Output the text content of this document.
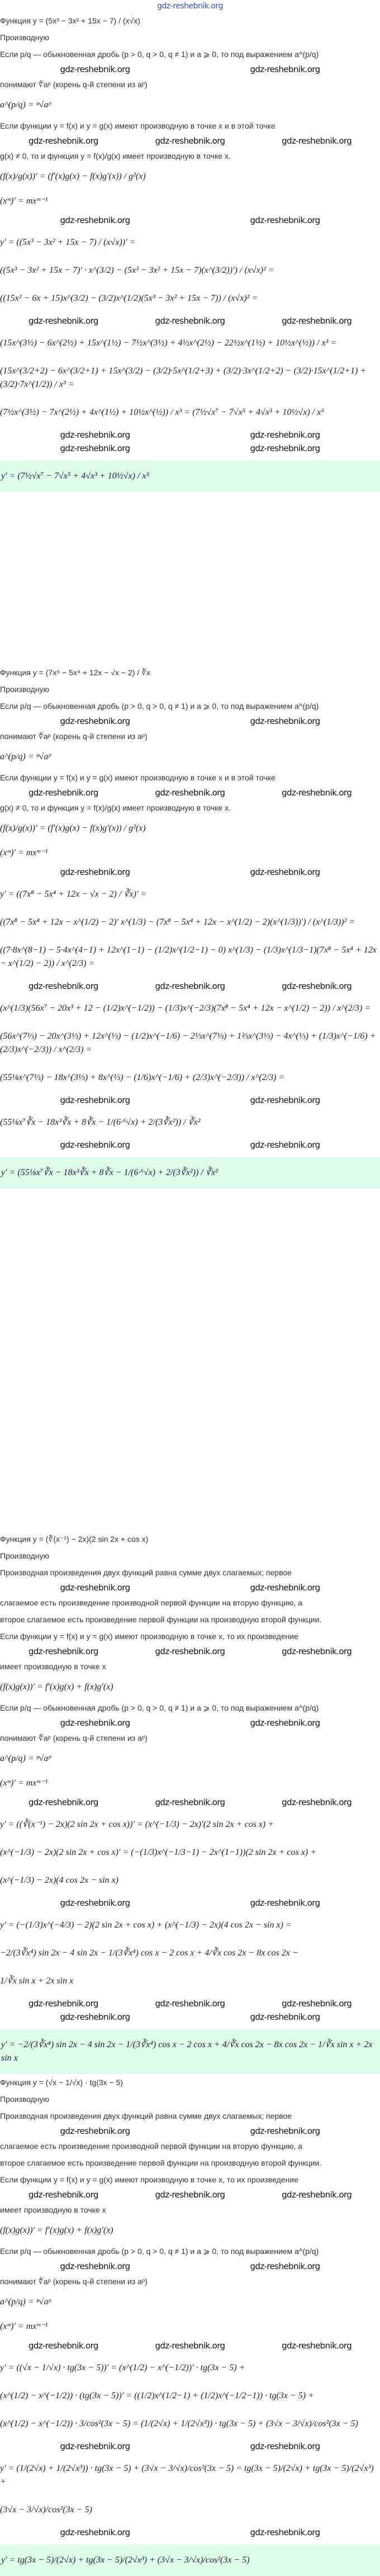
gdz-reshebnik.org
Функция y = (5x³ − 3x² + 15x − 7) / (x√x)
Производную
Если p/q — обыкновенная дробь (p > 0, q > 0, q ≠ 1) и a ⩾ 0, то под выражением a^(p/q)
gdz-reshebnik.org	gdz-reshebnik.org
понимают ∜aᵖ (корень q-й степени из aᵖ)
a^(p/q) = ᵠ√aᵖ
Если функции y = f(x) и y = g(x) имеют производную в точке x и в этой точке
gdz-reshebnik.org	gdz-reshebnik.org	gdz-reshebnik.org
g(x) ≠ 0, то и функция y = f(x)/g(x) имеет производную в точке x.
(f(x)/g(x))′ = (f′(x)g(x) − f(x)g′(x)) / g²(x)
(xᵐ)′ = mxᵐ⁻¹
gdz-reshebnik.org	gdz-reshebnik.org
y′ = ((5x³ − 3x² + 15x − 7) / (x√x))′ =
((5x³ − 3x² + 15x − 7)′ · x^(3/2) − (5x³ − 3x² + 15x − 7)(x^(3/2))′) / (x√x)² =
((15x² − 6x + 15)x^(3/2) − (3/2)x^(1/2)(5x³ − 3x² + 15x − 7)) / (x√x)² =
gdz-reshebnik.org	gdz-reshebnik.org	gdz-reshebnik.org
(15x^(3½) − 6x^(2½) + 15x^(1½) − 7½x^(3½) + 4½x^(2½) − 22½x^(1½) + 10½x^(½)) / x³ =
(15x^(3/2+2) − 6x^(3/2+1) + 15x^(3/2) − (3/2)·5x^(1/2+3) + (3/2)·3x^(1/2+2) − (3/2)·15x^(1/2+1) + (3/2)·7x^(1/2)) / x³ =
(7½x^(3½) − 7x^(2½) + 4x^(1½) + 10½x^(½)) / x³ = (7½√x⁷ − 7√x⁵ + 4√x³ + 10½√x) / x³
gdz-reshebnik.org	gdz-reshebnik.org
gdz-reshebnik.org	gdz-reshebnik.org
y′ = (7½√x⁷ − 7√x⁵ + 4√x³ + 10½√x) / x³
Функция y = (7x⁸ − 5x⁴ + 12x − √x − 2) / ∛x
Производную
Если p/q — обыкновенная дробь (p > 0, q > 0, q ≠ 1) и a ⩾ 0, то под выражением a^(p/q)
gdz-reshebnik.org	gdz-reshebnik.org
понимают ∜aᵖ (корень q-й степени из aᵖ)
a^(p/q) = ᵠ√aᵖ
Если функции y = f(x) и y = g(x) имеют производную в точке x и в этой точке
gdz-reshebnik.org	gdz-reshebnik.org	gdz-reshebnik.org
g(x) ≠ 0, то и функция y = f(x)/g(x) имеет производную в точке x.
(f(x)/g(x))′ = (f′(x)g(x) − f(x)g′(x)) / g²(x)
(xᵐ)′ = mxᵐ⁻¹
gdz-reshebnik.org	gdz-reshebnik.org
y′ = ((7x⁸ − 5x⁴ + 12x − √x − 2) / ∛x)′ =
((7x⁸ − 5x⁴ + 12x − x^(1/2) − 2)′ x^(1/3) − (7x⁸ − 5x⁴ + 12x − x^(1/2) − 2)(x^(1/3))′) / (x^(1/3))² =
((7·8x^(8−1) − 5·4x^(4−1) + 12x^(1−1) − (1/2)x^(1/2−1) − 0) x^(1/3) − (1/3)x^(1/3−1)(7x⁸ − 5x⁴ + 12x − x^(1/2) − 2)) / x^(2/3) =
gdz-reshebnik.org	gdz-reshebnik.org	gdz-reshebnik.org
(x^(1/3)(56x⁷ − 20x³ + 12 − (1/2)x^(−1/2)) − (1/3)x^(−2/3)(7x⁸ − 5x⁴ + 12x − x^(1/2) − 2)) / x^(2/3) =
(56x^(7⅓) − 20x^(3⅓) + 12x^(⅓) − (1/2)x^(−1/6) − 2⅓x^(7⅓) + 1⅔x^(3⅓) − 4x^(⅓) + (1/3)x^(−1/6) + (2/3)x^(−2/3)) / x^(2/3) =
(55⅛x^(7⅓) − 18x^(3⅓) + 8x^(⅓) − (1/6)x^(−1/6) + (2/3)x^(−2/3)) / x^(2/3) =
gdz-reshebnik.org	gdz-reshebnik.org
(55⅛x⁷∛x − 18x³∛x + 8∛x − 1/(6·⁶√x) + 2/(3∛x²)) / ∛x²
gdz-reshebnik.org	gdz-reshebnik.org
y′ = (55⅛x⁷∛x − 18x³∛x + 8∛x − 1/(6·⁶√x) + 2/(3∛x²)) / ∛x²
Функция y = (∛(x⁻¹) − 2x)(2 sin 2x + cos x)
Производную
Производная произведения двух функций равна сумме двух слагаемых; первое
gdz-reshebnik.org	gdz-reshebnik.org
слагаемое есть произведение производной первой функции на вторую функцию, а
второе слагаемое есть произведение первой функции на производную второй функции.
Если функции y = f(x) и y = g(x) имеют производную в точке x, то их произведение
gdz-reshebnik.org	gdz-reshebnik.org	gdz-reshebnik.org
имеет производную в точке x
(f(x)g(x))′ = f′(x)g(x) + f(x)g′(x)
Если p/q — обыкновенная дробь (p > 0, q > 0, q ≠ 1) и a ⩾ 0, то под выражением a^(p/q)
gdz-reshebnik.org	gdz-reshebnik.org
понимают ∜aᵖ (корень q-й степени из aᵖ)
a^(p/q) = ᵠ√aᵖ
(xᵐ)′ = mxᵐ⁻¹
gdz-reshebnik.org	gdz-reshebnik.org	gdz-reshebnik.org
y′ = ((∛(x⁻¹) − 2x)(2 sin 2x + cos x))′ = (x^(−1/3) − 2x)′(2 sin 2x + cos x) +
(x^(−1/3) − 2x)(2 sin 2x + cos x)′ = (−(1/3)x^(−1/3−1) − 2x^(1−1))(2 sin 2x + cos x) +
(x^(−1/3) − 2x)(4 cos 2x − sin x)
gdz-reshebnik.org	gdz-reshebnik.org
y′ = (−(1/3)x^(−4/3) − 2)(2 sin 2x + cos x) + (x^(−1/3) − 2x)(4 cos 2x − sin x) =
−2/(3∛x⁴) sin 2x − 4 sin 2x − 1/(3∛x⁴) cos x − 2 cos x + 4/∛x cos 2x − 8x cos 2x −
1/∛x sin x + 2x sin x
gdz-reshebnik.org	gdz-reshebnik.org	gdz-reshebnik.org
gdz-reshebnik.org	gdz-reshebnik.org
y′ = −2/(3∛x⁴) sin 2x − 4 sin 2x − 1/(3∛x⁴) cos x − 2 cos x + 4/∛x cos 2x − 8x cos 2x − 1/∛x sin x + 2x sin x
Функция y = (√x − 1/√x) · tg(3x − 5)
Производную
Производная произведения двух функций равна сумме двух слагаемых; первое
gdz-reshebnik.org	gdz-reshebnik.org
слагаемое есть произведение производной первой функции на вторую функцию, а
второе слагаемое есть произведение первой функции на производную второй функции.
Если функции y = f(x) и y = g(x) имеют производную в точке x, то их произведение
gdz-reshebnik.org	gdz-reshebnik.org	gdz-reshebnik.org
имеет производную в точке x
(f(x)g(x))′ = f′(x)g(x) + f(x)g′(x)
Если p/q — обыкновенная дробь (p > 0, q > 0, q ≠ 1) и a ⩾ 0, то под выражением a^(p/q)
gdz-reshebnik.org	gdz-reshebnik.org
понимают ∜aᵖ (корень q-й степени из aᵖ)
a^(p/q) = ᵠ√aᵖ
(xᵐ)′ = mxᵐ⁻¹
gdz-reshebnik.org	gdz-reshebnik.org	gdz-reshebnik.org
y′ = ((√x − 1/√x) · tg(3x − 5))′ = (x^(1/2) − x^(−1/2))′ · tg(3x − 5) +
(x^(1/2) − x^(−1/2)) · (tg(3x − 5))′ = ((1/2)x^(1/2−1) + (1/2)x^(−1/2−1)) · tg(3x − 5) +
(x^(1/2) − x^(−1/2)) · 3/cos²(3x − 5) = (1/(2√x) + 1/(2√x³)) · tg(3x − 5) + (3√x − 3/√x)/cos²(3x − 5)
gdz-reshebnik.org	gdz-reshebnik.org
y′ = (1/(2√x) + 1/(2√x³)) · tg(3x − 5) + (3√x − 3/√x)/cos²(3x − 5) = tg(3x − 5)/(2√x) + tg(3x − 5)/(2√x³) +
(3√x − 3/√x)/cos²(3x − 5)
gdz-reshebnik.org	gdz-reshebnik.org
y′ = tg(3x − 5)/(2√x) + tg(3x − 5)/(2√x³) + (3√x − 3/√x)/cos²(3x − 5)
